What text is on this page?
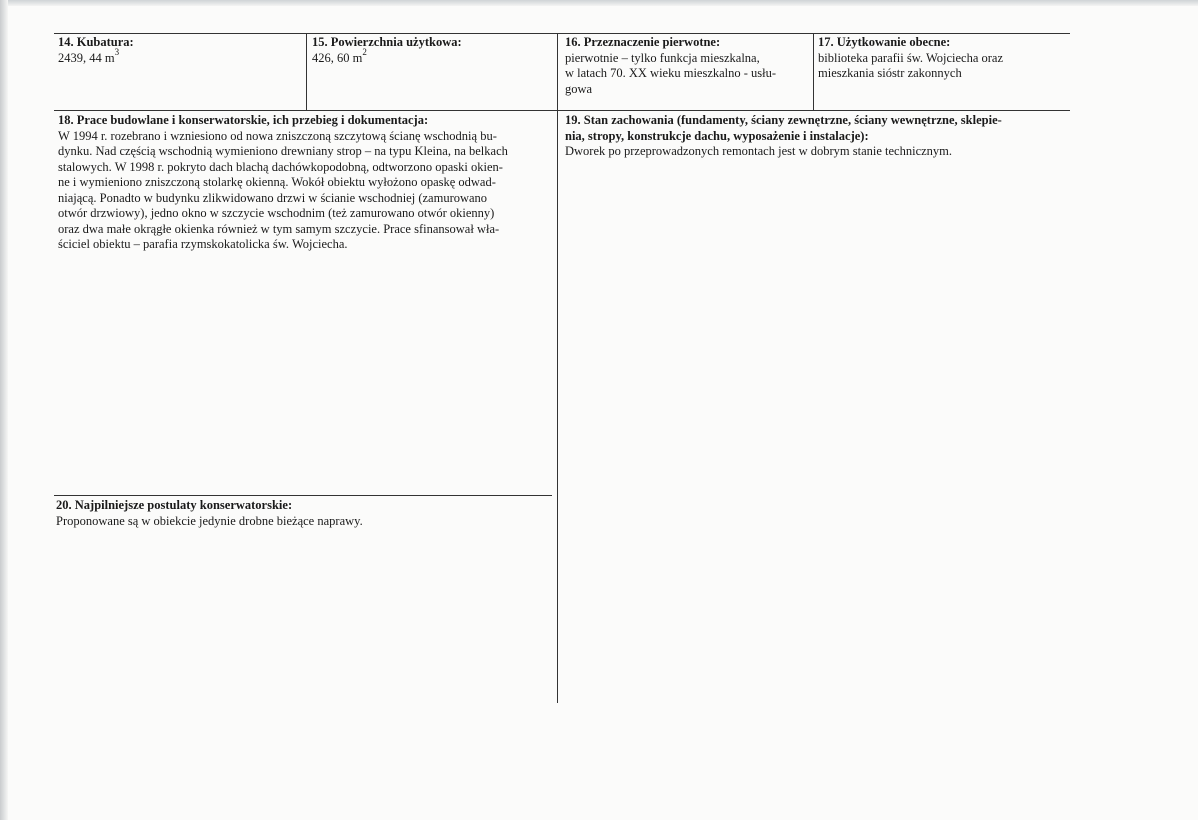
14. Kubatura:
2439, 44 $m^3$
15. Powierzchnia użytkowa:
426, 60 $m^2$
16. Przeznaczenie pierwotne:
pierwotnie – tylko funkcja mieszkalna,
w latach 70. XX wieku mieszkalno - usłu-
gowa
17. Użytkowanie obecne:
biblioteka parafii św. Wojciecha oraz
mieszkania sióstr zakonnych
18. Prace budowlane i konserwatorskie, ich przebieg i dokumentacja:
W 1994 r. rozebrano i wzniesiono od nowa zniszczoną szczytową ścianę wschodnią bu-
dynku. Nad częścią wschodnią wymieniono drewniany strop – na typu Kleina, na belkach
stalowych. W 1998 r. pokryto dach blachą dachówkopodobną, odtworzono opaski okien-
ne i wymieniono zniszczoną stolarkę okienną. Wokół obiektu wyłożono opaskę odwad-
niającą. Ponadto w budynku zlikwidowano drzwi w ścianie wschodniej (zamurowano
otwór drzwiowy), jedno okno w szczycie wschodnim (też zamurowano otwór okienny)
oraz dwa małe okrągłe okienka również w tym samym szczycie. Prace sfinansował wła-
ściciel obiektu – parafia rzymskokatolicka św. Wojciecha.
19. Stan zachowania (fundamenty, ściany zewnętrzne, ściany wewnętrzne, sklepie-
nia, stropy, konstrukcje dachu, wyposażenie i instalacje):
Dworek po przeprowadzonych remontach jest w dobrym stanie technicznym.
20. Najpilniejsze postulaty konserwatorskie:
Proponowane są w obiekcie jedynie drobne bieżące naprawy.
